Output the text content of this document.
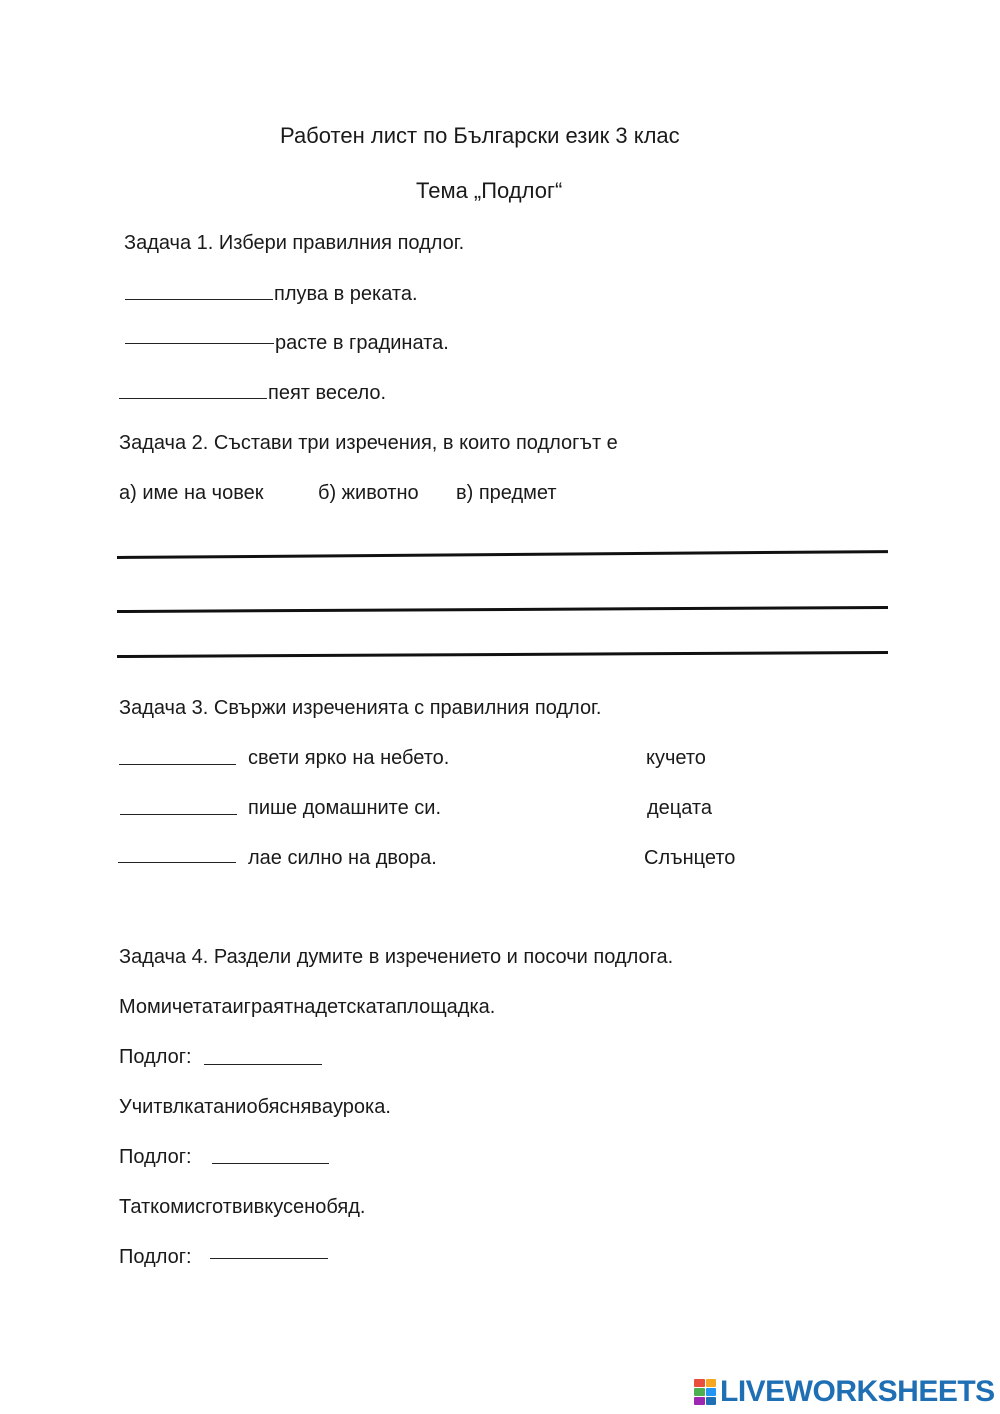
Работен лист по Български език 3 клас
Тема „Подлог“
Задача 1. Избери правилния подлог.
плува в реката.
расте в градината.
пеят весело.
Задача 2. Състави три изречения, в които подлогът е
а) име на човек	б) животно в) предмет
Задача 3. Свържи изреченията с правилния подлог.
свети ярко на небето.	кучето
пише домашните си.	децата
лае силно на двора.	Слънцето
Задача 4. Раздели думите в изречението и посочи подлога.
Момичетатаиграятнадетскатаплощадка.
Подлог:
Учитвлкатаниобяснявaурока.
Подлог:
Таткомисготвивкусенобяд.
Подлог:
LIVEWORKSHEETS
